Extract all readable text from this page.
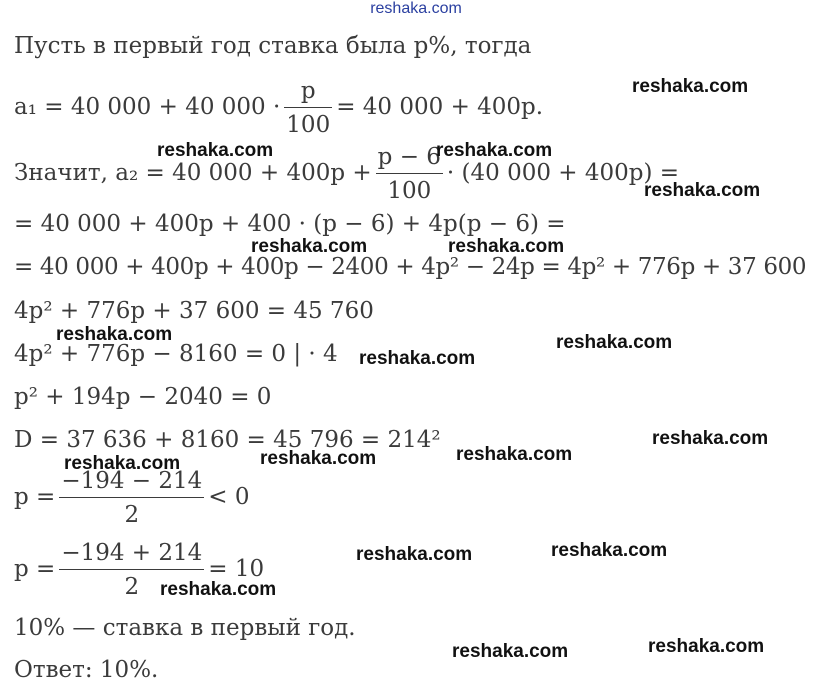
reshaka.com
Пусть в первый год ставка была p%, тогда
a₁ = 40 000 + 40 $000 \cdot \frac{p}{100} = 40$ 000 + 400p.
Значит, a₂ = 40 $000 + 400p + \frac{p - 6}{100} \cdot (40$ 000 + 400p) =
= 40 000 + 400p + 400 · (p − 6) + 4p(p − 6) =
= 40 000 + 400p + 400p − 2400 + 4p² − 24p = 4p² + 776p + 37 600
4p² + 776p + 37 600 = 45 760
4p² + 776p − 8160 = 0 | · 4
p² + 194p − 2040 = 0
D = 37 636 + 8160 = 45 796 = 214²
$p = \frac{-194 - 214}{2} < 0$
$p = \frac{-194 + 214}{2} = 10$
10% — ставка в первый год.
Ответ: 10%.
reshaka.com
reshaka.com	reshaka.com
reshaka.com
reshaka.com	reshaka.com
reshaka.com	reshaka.com
reshaka.com
reshaka.com
reshaka.com
reshaka.com
reshaka.com
reshaka.com
reshaka.com
reshaka.com
reshaka.com
reshaka.com
